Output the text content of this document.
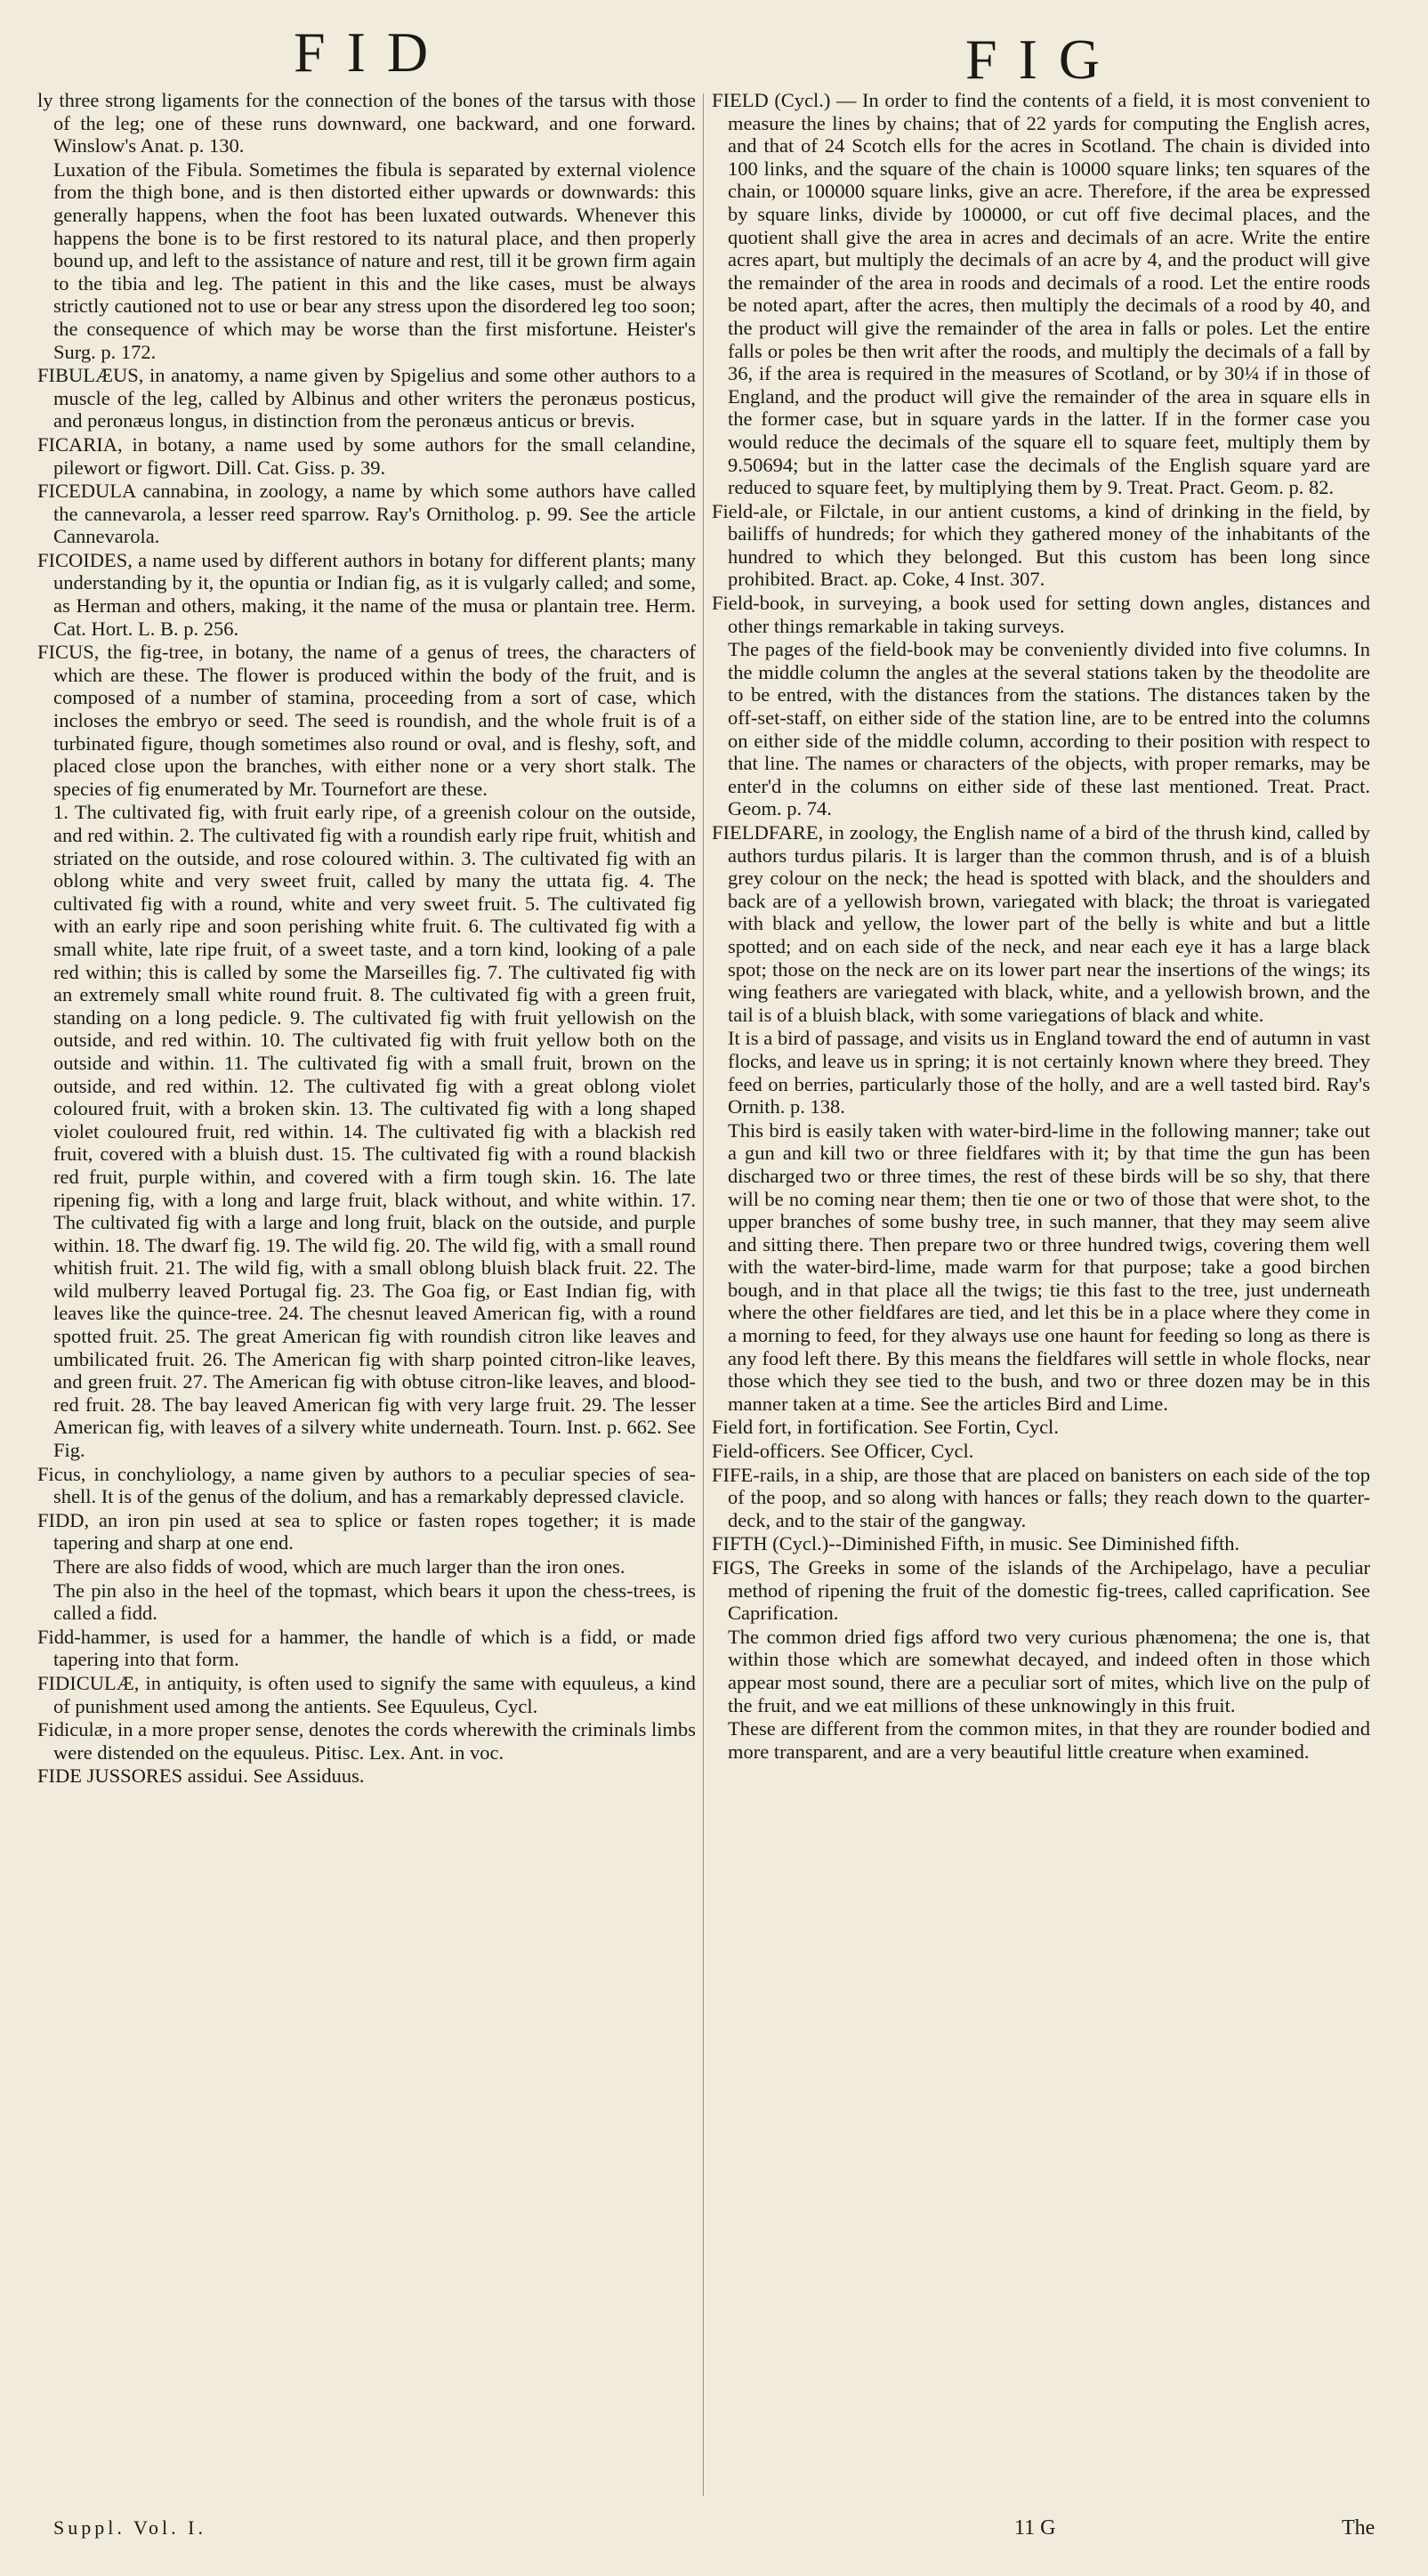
FID	FIG

ly three strong ligaments for the connection of the bones of the tarsus with those of the leg; one of these runs downward, one backward, and one forward. Winslow's Anat. p. 130.

Luxation of the Fibula. Sometimes the fibula is separated by external violence from the thigh bone, and is then distorted either upwards or downwards: this generally happens, when the foot has been luxated outwards. Whenever this happens the bone is to be first restored to its natural place, and then properly bound up, and left to the assistance of nature and rest, till it be grown firm again to the tibia and leg. The patient in this and the like cases, must be always strictly cautioned not to use or bear any stress upon the disordered leg too soon; the consequence of which may be worse than the first misfortune. Heister's Surg. p. 172.

FIBULÆUS, in anatomy, a name given by Spigelius and some other authors to a muscle of the leg, called by Albinus and other writers the peronæus posticus, and peronæus longus, in distinction from the peronæus anticus or brevis.

FICARIA, in botany, a name used by some authors for the small celandine, pilewort or figwort. Dill. Cat. Giss. p. 39.

FICEDULA cannabina, in zoology, a name by which some authors have called the cannevarola, a lesser reed sparrow. Ray's Ornitholog. p. 99. See the article Cannevarola.

FICOIDES, a name used by different authors in botany for different plants; many understanding by it, the opuntia or Indian fig, as it is vulgarly called; and some, as Herman and others, making, it the name of the musa or plantain tree. Herm. Cat. Hort. L. B. p. 256.

FICUS, the fig-tree, in botany, the name of a genus of trees, the characters of which are these. The flower is produced within the body of the fruit, and is composed of a number of stamina, proceeding from a sort of case, which incloses the embryo or seed. The seed is roundish, and the whole fruit is of a turbinated figure, though sometimes also round or oval, and is fleshy, soft, and placed close upon the branches, with either none or a very short stalk. The species of fig enumerated by Mr. Tournefort are these.

1. The cultivated fig, with fruit early ripe, of a greenish colour on the outside, and red within. 2. The cultivated fig with a roundish early ripe fruit, whitish and striated on the outside, and rose coloured within. 3. The cultivated fig with an oblong white and very sweet fruit, called by many the uttata fig. 4. The cultivated fig with a round, white and very sweet fruit. 5. The cultivated fig with an early ripe and soon perishing white fruit. 6. The cultivated fig with a small white, late ripe fruit, of a sweet taste, and a torn kind, looking of a pale red within; this is called by some the Marseilles fig. 7. The cultivated fig with an extremely small white round fruit. 8. The cultivated fig with a green fruit, standing on a long pedicle. 9. The cultivated fig with fruit yellowish on the outside, and red within. 10. The cultivated fig with fruit yellow both on the outside and within. 11. The cultivated fig with a small fruit, brown on the outside, and red within. 12. The cultivated fig with a great oblong violet coloured fruit, with a broken skin. 13. The cultivated fig with a long shaped violet couloured fruit, red within. 14. The cultivated fig with a blackish red fruit, covered with a bluish dust. 15. The cultivated fig with a round blackish red fruit, purple within, and covered with a firm tough skin. 16. The late ripening fig, with a long and large fruit, black without, and white within. 17. The cultivated fig with a large and long fruit, black on the outside, and purple within. 18. The dwarf fig. 19. The wild fig. 20. The wild fig, with a small round whitish fruit. 21. The wild fig, with a small oblong bluish black fruit. 22. The wild mulberry leaved Portugal fig. 23. The Goa fig, or East Indian fig, with leaves like the quince-tree. 24. The chesnut leaved American fig, with a round spotted fruit. 25. The great American fig with roundish citron like leaves and umbilicated fruit. 26. The American fig with sharp pointed citron-like leaves, and green fruit. 27. The American fig with obtuse citron-like leaves, and blood-red fruit. 28. The bay leaved American fig with very large fruit. 29. The lesser American fig, with leaves of a silvery white underneath. Tourn. Inst. p. 662. See Fig.

Ficus, in conchyliology, a name given by authors to a peculiar species of sea-shell. It is of the genus of the dolium, and has a remarkably depressed clavicle.

FIDD, an iron pin used at sea to splice or fasten ropes together; it is made tapering and sharp at one end.

There are also fidds of wood, which are much larger than the iron ones.

The pin also in the heel of the topmast, which bears it upon the chess-trees, is called a fidd.

Fidd-hammer, is used for a hammer, the handle of which is a fidd, or made tapering into that form.

FIDICULÆ, in antiquity, is often used to signify the same with equuleus, a kind of punishment used among the antients. See Equuleus, Cycl.

Fidiculæ, in a more proper sense, denotes the cords wherewith the criminals limbs were distended on the equuleus. Pitisc. Lex. Ant. in voc.

FIDE JUSSORES assidui. See Assiduus.

FIELD (Cycl.) — In order to find the contents of a field, it is most convenient to measure the lines by chains; that of 22 yards for computing the English acres, and that of 24 Scotch ells for the acres in Scotland. The chain is divided into 100 links, and the square of the chain is 10000 square links; ten squares of the chain, or 100000 square links, give an acre. Therefore, if the area be expressed by square links, divide by 100000, or cut off five decimal places, and the quotient shall give the area in acres and decimals of an acre. Write the entire acres apart, but multiply the decimals of an acre by 4, and the product will give the remainder of the area in roods and decimals of a rood. Let the entire roods be noted apart, after the acres, then multiply the decimals of a rood by 40, and the product will give the remainder of the area in falls or poles. Let the entire falls or poles be then writ after the roods, and multiply the decimals of a fall by 36, if the area is required in the measures of Scotland, or by 30¼ if in those of England, and the product will give the remainder of the area in square ells in the former case, but in square yards in the latter. If in the former case you would reduce the decimals of the square ell to square feet, multiply them by 9.50694; but in the latter case the decimals of the English square yard are reduced to square feet, by multiplying them by 9. Treat. Pract. Geom. p. 82.

Field-ale, or Filctale, in our antient customs, a kind of drinking in the field, by bailiffs of hundreds; for which they gathered money of the inhabitants of the hundred to which they belonged. But this custom has been long since prohibited. Bract. ap. Coke, 4 Inst. 307.

Field-book, in surveying, a book used for setting down angles, distances and other things remarkable in taking surveys.

The pages of the field-book may be conveniently divided into five columns. In the middle column the angles at the several stations taken by the theodolite are to be entred, with the distances from the stations. The distances taken by the off-set-staff, on either side of the station line, are to be entred into the columns on either side of the middle column, according to their position with respect to that line. The names or characters of the objects, with proper remarks, may be enter'd in the columns on either side of these last mentioned. Treat. Pract. Geom. p. 74.

FIELDFARE, in zoology, the English name of a bird of the thrush kind, called by authors turdus pilaris. It is larger than the common thrush, and is of a bluish grey colour on the neck; the head is spotted with black, and the shoulders and back are of a yellowish brown, variegated with black; the throat is variegated with black and yellow, the lower part of the belly is white and but a little spotted; and on each side of the neck, and near each eye it has a large black spot; those on the neck are on its lower part near the insertions of the wings; its wing feathers are variegated with black, white, and a yellowish brown, and the tail is of a bluish black, with some variegations of black and white.

It is a bird of passage, and visits us in England toward the end of autumn in vast flocks, and leave us in spring; it is not certainly known where they breed. They feed on berries, particularly those of the holly, and are a well tasted bird. Ray's Ornith. p. 138.

This bird is easily taken with water-bird-lime in the following manner; take out a gun and kill two or three fieldfares with it; by that time the gun has been discharged two or three times, the rest of these birds will be so shy, that there will be no coming near them; then tie one or two of those that were shot, to the upper branches of some bushy tree, in such manner, that they may seem alive and sitting there. Then prepare two or three hundred twigs, covering them well with the water-bird-lime, made warm for that purpose; take a good birchen bough, and in that place all the twigs; tie this fast to the tree, just underneath where the other fieldfares are tied, and let this be in a place where they come in a morning to feed, for they always use one haunt for feeding so long as there is any food left there. By this means the fieldfares will settle in whole flocks, near those which they see tied to the bush, and two or three dozen may be in this manner taken at a time. See the articles Bird and Lime.

Field fort, in fortification. See Fortin, Cycl.

Field-officers. See Officer, Cycl.

FIFE-rails, in a ship, are those that are placed on banisters on each side of the top of the poop, and so along with hances or falls; they reach down to the quarter-deck, and to the stair of the gangway.

FIFTH (Cycl.)--Diminished Fifth, in music. See Diminished fifth.

FIGS, The Greeks in some of the islands of the Archipelago, have a peculiar method of ripening the fruit of the domestic fig-trees, called caprification. See Caprification.

The common dried figs afford two very curious phænomena; the one is, that within those which are somewhat decayed, and indeed often in those which appear most sound, there are a peculiar sort of mites, which live on the pulp of the fruit, and we eat millions of these unknowingly in this fruit.

These are different from the common mites, in that they are rounder bodied and more transparent, and are a very beautiful little creature when examined.

Suppl. Vol. I.	11 G	The
